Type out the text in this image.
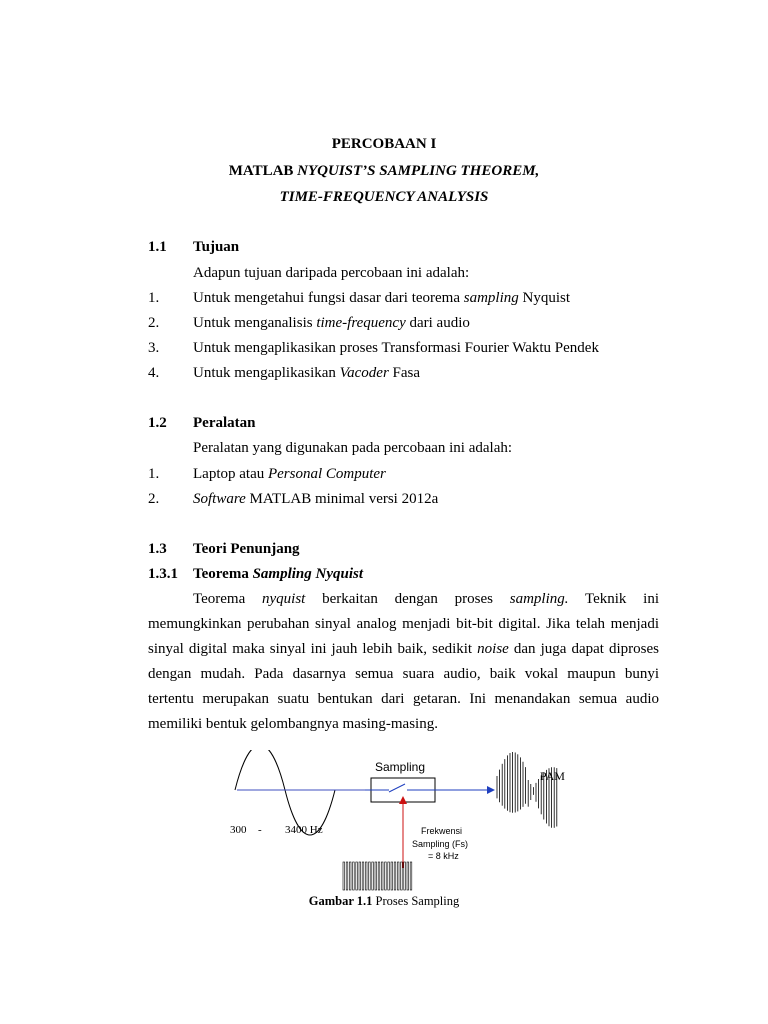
PERCOBAAN I
MATLAB NYQUIST’S SAMPLING THEOREM,
TIME-FREQUENCY ANALYSIS
1.1 Tujuan
Adapun tujuan daripada percobaan ini adalah:
1. Untuk mengetahui fungsi dasar dari teorema sampling Nyquist
2. Untuk menganalisis time-frequency dari audio
3. Untuk mengaplikasikan proses Transformasi Fourier Waktu Pendek
4. Untuk mengaplikasikan Vacoder Fasa
1.2 Peralatan
Peralatan yang digunakan pada percobaan ini adalah:
1. Laptop atau Personal Computer
2. Software MATLAB minimal versi 2012a
1.3 Teori Penunjang
1.3.1 Teorema Sampling Nyquist

Teorema nyquist berkaitan dengan proses sampling. Teknik ini

memungkinkan perubahan sinyal analog menjadi bit-bit digital. Jika telah menjadi

sinyal digital maka sinyal ini jauh lebih baik, sedikit noise dan juga dapat diproses

dengan mudah. Pada dasarnya semua suara audio, baik vokal maupun bunyi

tertentu merupakan suatu bentukan dari getaran. Ini menandakan semua audio

memiliki bentuk gelombangnya masing-masing.

Sampling
PAM
300 - 3400 Hz	Frekwensi
Sampling (Fs)
= 8 kHz
Gambar 1.1 Proses Sampling
